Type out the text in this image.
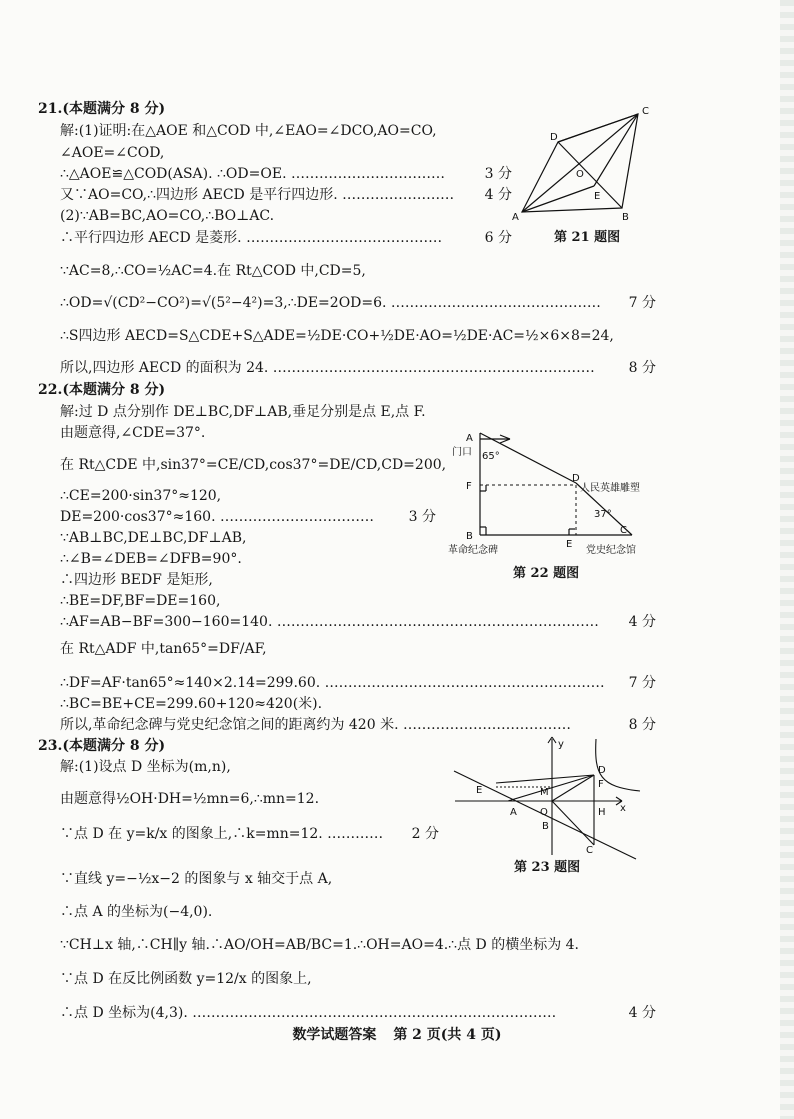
21.(本题满分 8 分)
解:(1)证明:在△AOE 和△COD 中,∠EAO=∠DCO,AO=CO,
∠AOE=∠COD,
∴△AOE≌△COD(ASA). ∴OD=OE. ……………………………	3 分
又∵AO=CO,∴四边形 AECD 是平行四边形. …………………… 4 分
(2)∵AB=BC,AO=CO,∴BO⊥AC.
∴平行四边形 AECD 是菱形. ……………………………………	6 分
∵AC=8,∴CO=½AC=4.在 Rt△COD 中,CD=5,
∴OD=√(CD²−CO²)=√(5²−4²)=3,∴DE=2OD=6. ……………………………………… 7 分
∴S四边形 AECD=S△CDE+S△ADE=½DE·CO+½DE·AO=½DE·AC=½×6×8=24,
所以,四边形 AECD 的面积为 24. …………………………………………………………… 8 分
A	B
C
D
E
O
第 21 题图
22.(本题满分 8 分)
解:过 D 点分别作 DE⊥BC,DF⊥AB,垂足分别是点 E,点 F.
由题意得,∠CDE=37°.
在 Rt△CDE 中,sin37°=CE/CD,cos37°=DE/CD,CD=200,
∴CE=200·sin37°≈120,
DE=200·cos37°≈160. …………………………… 3 分
∵AB⊥BC,DE⊥BC,DF⊥AB,
∴∠B=∠DEB=∠DFB=90°.
∴四边形 BEDF 是矩形,
∴BE=DF,BF=DE=160,
∴AF=AB−BF=300−160=140. …………………………………………………………… 4 分
在 Rt△ADF 中,tan65°=DF/AF,
∴DF=AF·tan65°≈140×2.14=299.60. …………………………………………………… 7 分
∴BC=BE+CE=299.60+120≈420(米).
所以,革命纪念碑与党史纪念馆之间的距离约为 420 米. ………………………………	8 分
A
F
B
D
E
C
门口 65°
37°
人民英雄雕塑
革命纪念碑	党史纪念馆
第 22 题图
23.(本题满分 8 分)
解:(1)设点 D 坐标为(m,n),
由题意得½OH·DH=½mn=6,∴mn=12.
∵点 D 在 y=k/x 的图象上,∴k=mn=12. ………… 2 分
∵直线 y=−½x−2 的图象与 x 轴交于点 A,
∴点 A 的坐标为(−4,0).
∵CH⊥x 轴,∴CH∥y 轴.∴AO/OH=AB/BC=1.∴OH=AO=4.∴点 D 的横坐标为 4.
∵点 D 在反比例函数 y=12/x 的图象上,
∴点 D 坐标为(4,3). ……………………………………………………………………	4 分
y
x
D
F
E	M
A O	H
B
C
第 23 题图
数学试题答案 第 2 页(共 4 页)
